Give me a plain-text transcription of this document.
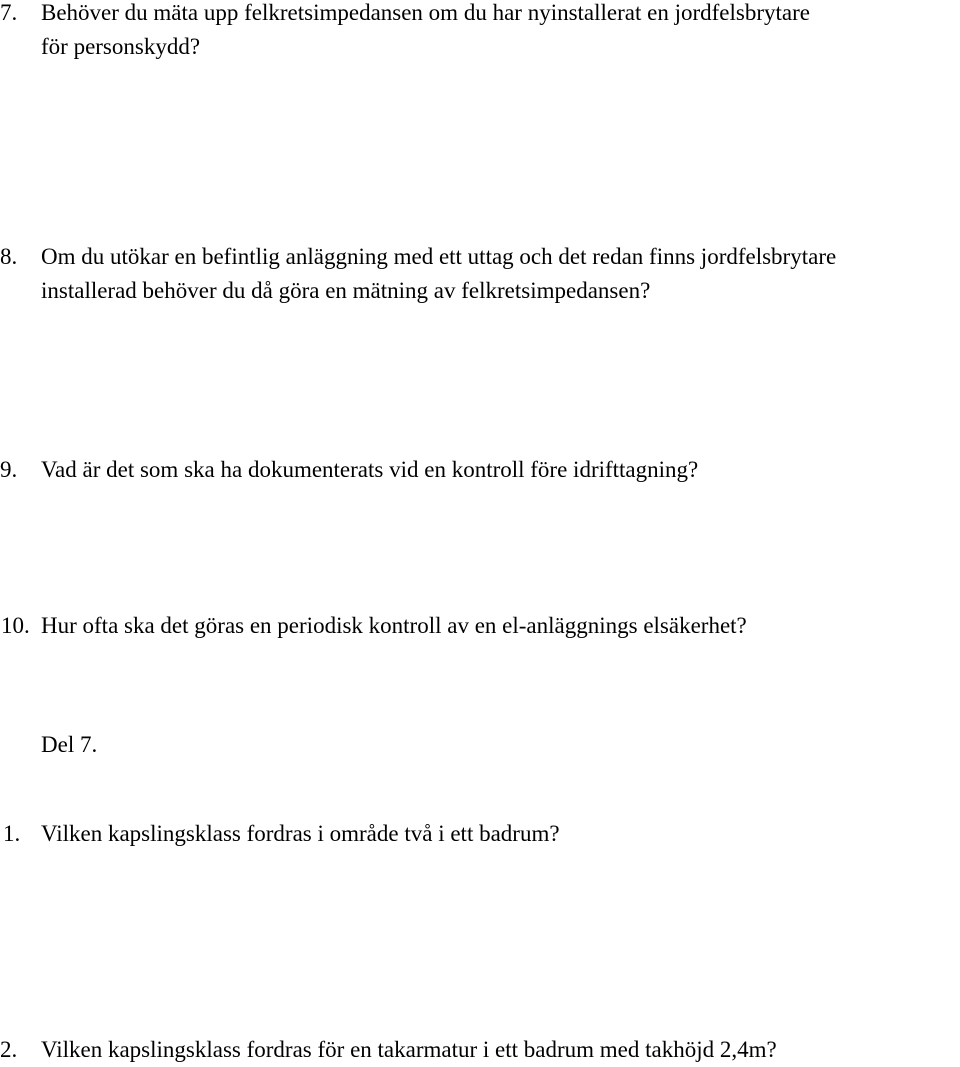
7. Behöver du mäta upp felkretsimpedansen om du har nyinstallerat en jordfelsbrytare
för personskydd?
8. Om du utökar en befintlig anläggning med ett uttag och det redan finns jordfelsbrytare
installerad behöver du då göra en mätning av felkretsimpedansen?
9. Vad är det som ska ha dokumenterats vid en kontroll före idrifttagning?
10. Hur ofta ska det göras en periodisk kontroll av en el-anläggnings elsäkerhet?
Del 7.
1. Vilken kapslingsklass fordras i område två i ett badrum?
2. Vilken kapslingsklass fordras för en takarmatur i ett badrum med takhöjd 2,4m?
